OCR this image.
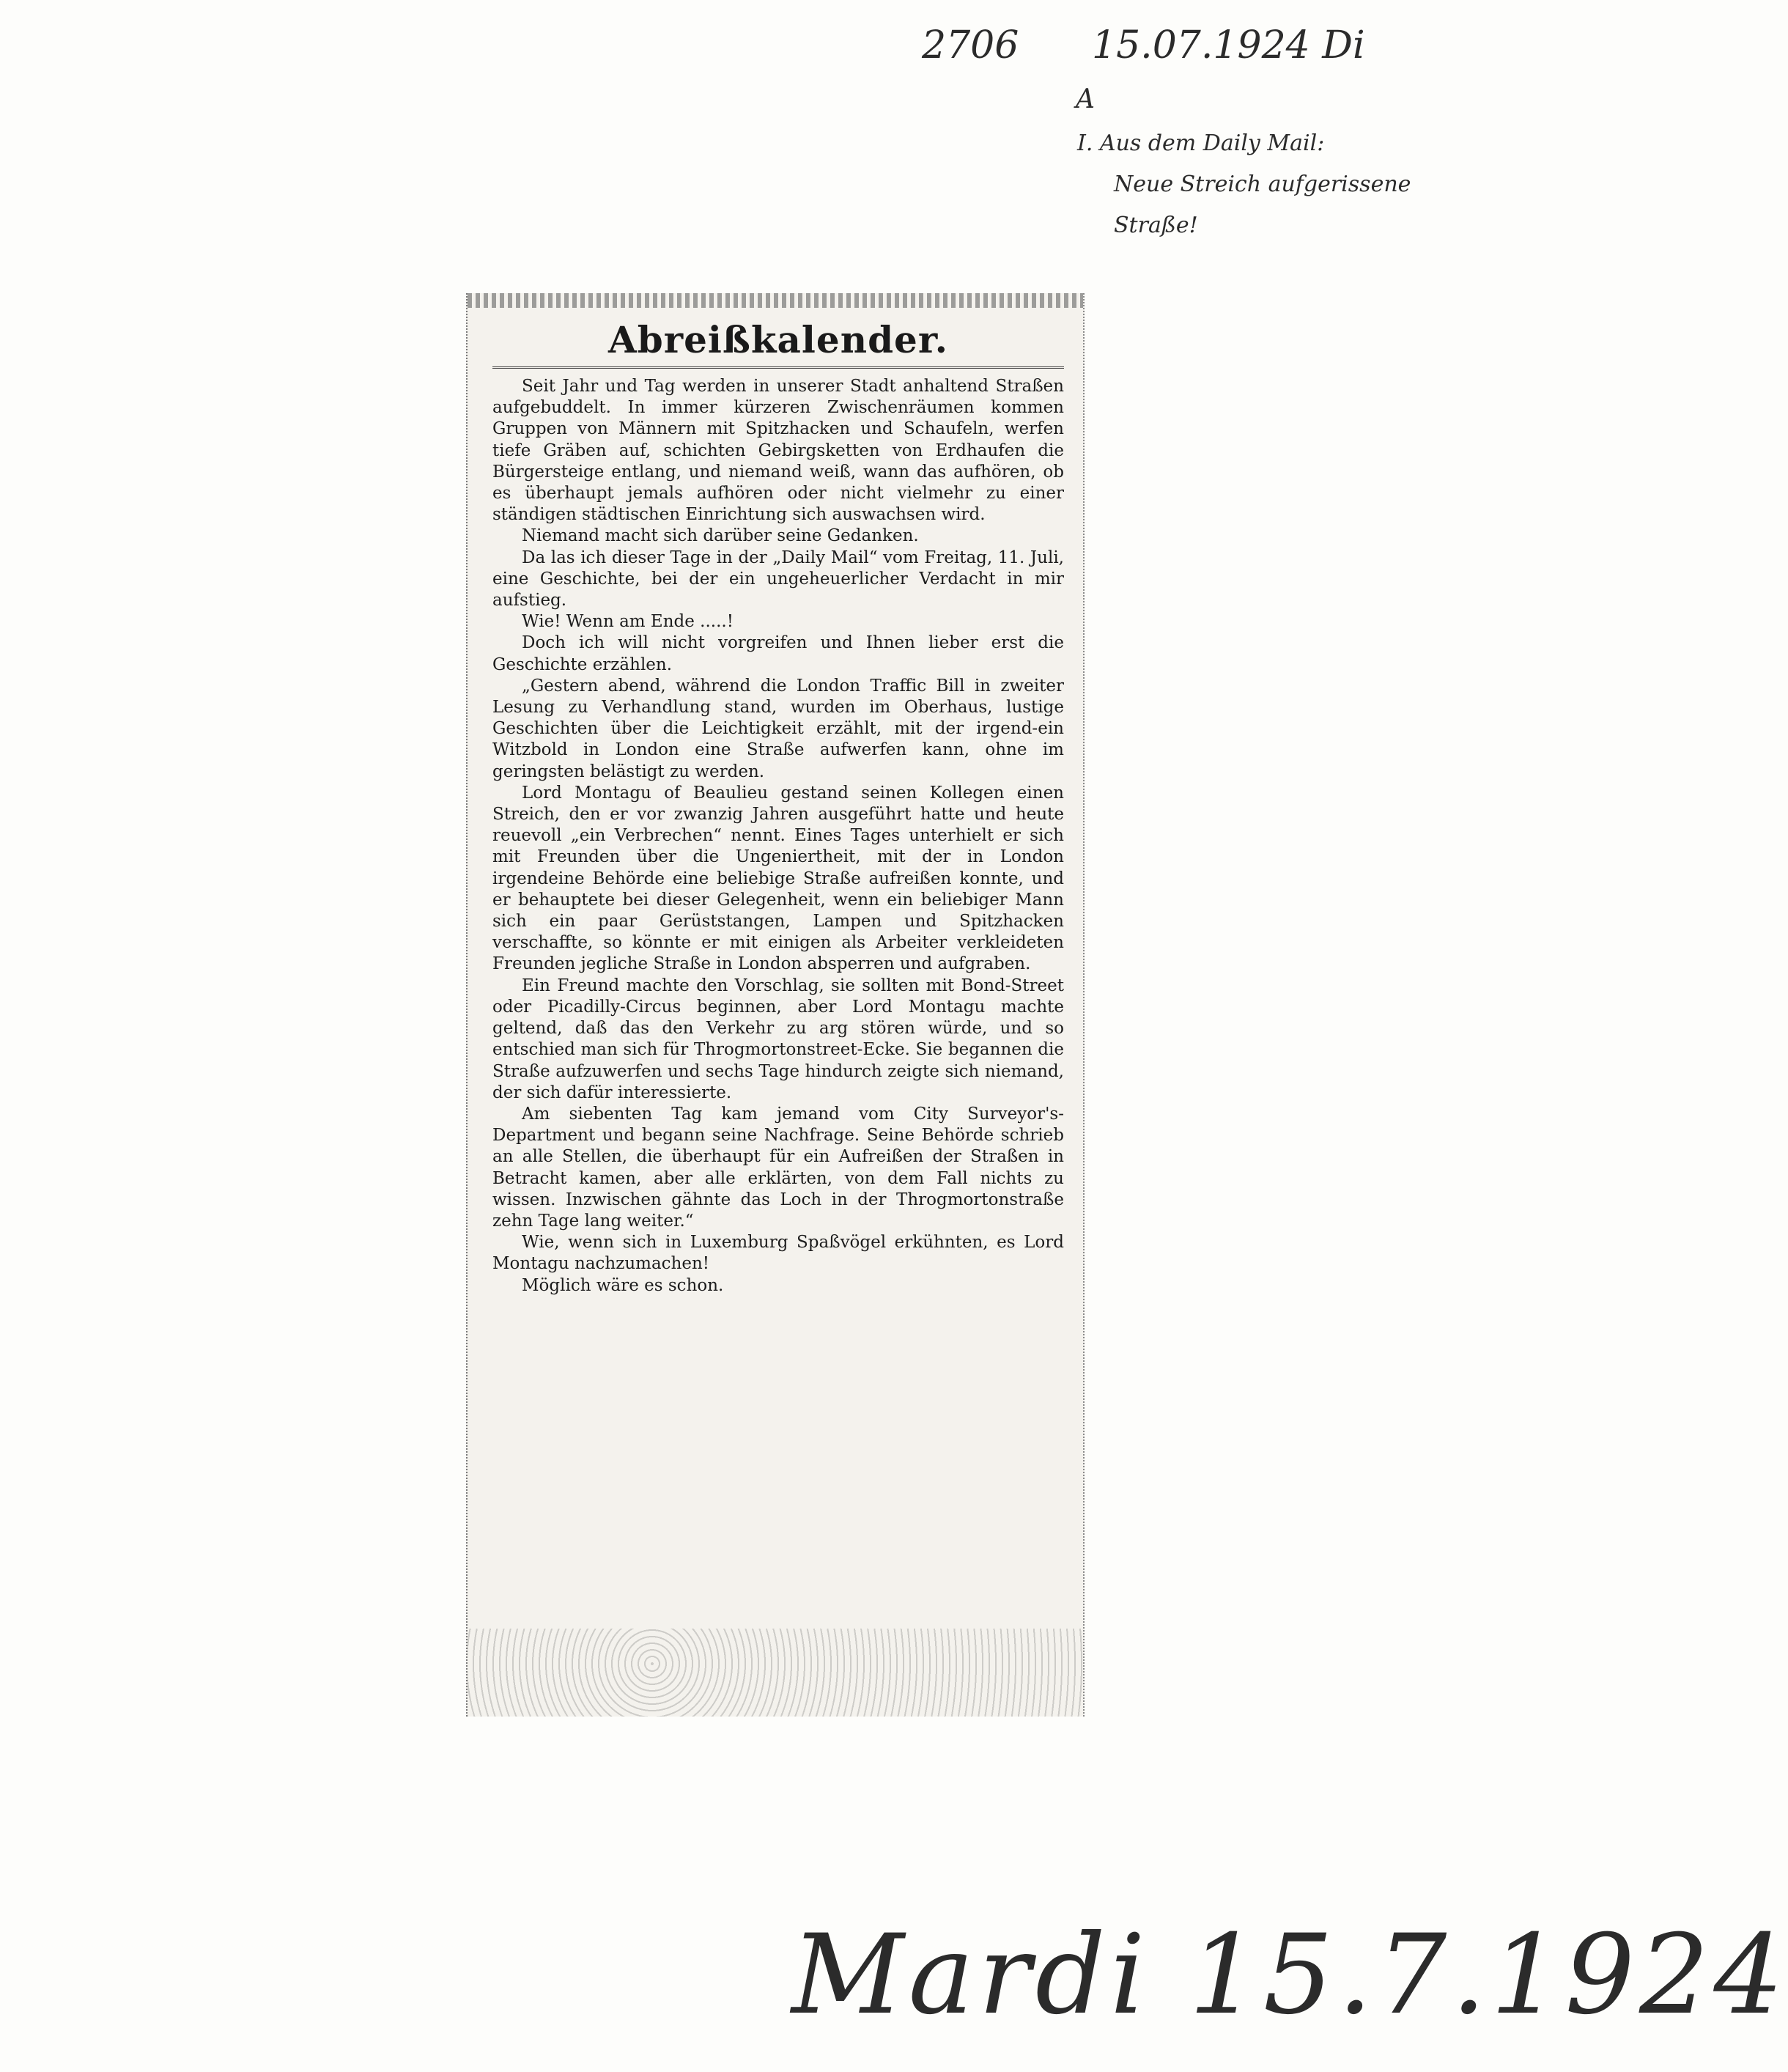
2706 15.07.1924 Di
A
I. Aus dem Daily Mail:
Neue Streich aufgerissene
Straße!
Abreißkalender.

Seit Jahr und Tag werden in unserer Stadt anhaltend Straßen aufgebuddelt. In immer kürzeren Zwischenräumen kommen Gruppen von Männern mit Spitzhacken und Schaufeln, werfen tiefe Gräben auf, schichten Gebirgsketten von Erdhaufen die Bürgersteige entlang, und niemand weiß, wann das aufhören, ob es überhaupt jemals aufhören oder nicht vielmehr zu einer ständigen städtischen Einrichtung sich auswachsen wird.

Niemand macht sich darüber seine Gedanken.

Da las ich dieser Tage in der „Daily Mail“ vom Freitag, 11. Juli, eine Geschichte, bei der ein ungeheuerlicher Verdacht in mir aufstieg.

Wie! Wenn am Ende .....!

Doch ich will nicht vorgreifen und Ihnen lieber erst die Geschichte erzählen.

„Gestern abend, während die London Traffic Bill in zweiter Lesung zu Verhandlung stand, wurden im Oberhaus, lustige Geschichten über die Leichtigkeit erzählt, mit der irgend-ein Witzbold in London eine Straße aufwerfen kann, ohne im geringsten belästigt zu werden.

Lord Montagu of Beaulieu gestand seinen Kollegen einen Streich, den er vor zwanzig Jahren ausgeführt hatte und heute reuevoll „ein Verbrechen“ nennt. Eines Tages unterhielt er sich mit Freunden über die Ungeniertheit, mit der in London irgendeine Behörde eine beliebige Straße aufreißen konnte, und er behauptete bei dieser Gelegenheit, wenn ein beliebiger Mann sich ein paar Gerüststangen, Lampen und Spitzhacken verschaffte, so könnte er mit einigen als Arbeiter verkleideten Freunden jegliche Straße in London absperren und aufgraben.

Ein Freund machte den Vorschlag, sie sollten mit Bond-Street oder Picadilly-Circus beginnen, aber Lord Montagu machte geltend, daß das den Verkehr zu arg stören würde, und so entschied man sich für Throgmortonstreet-Ecke. Sie begannen die Straße aufzuwerfen und sechs Tage hindurch zeigte sich niemand, der sich dafür interessierte.

Am siebenten Tag kam jemand vom City Surveyor's-Department und begann seine Nachfrage. Seine Behörde schrieb an alle Stellen, die überhaupt für ein Aufreißen der Straßen in Betracht kamen, aber alle erklärten, von dem Fall nichts zu wissen. Inzwischen gähnte das Loch in der Throgmortonstraße zehn Tage lang weiter.“

Wie, wenn sich in Luxemburg Spaßvögel erkühnten, es Lord Montagu nachzumachen!

Möglich wäre es schon.

Mardi 15.7.1924
